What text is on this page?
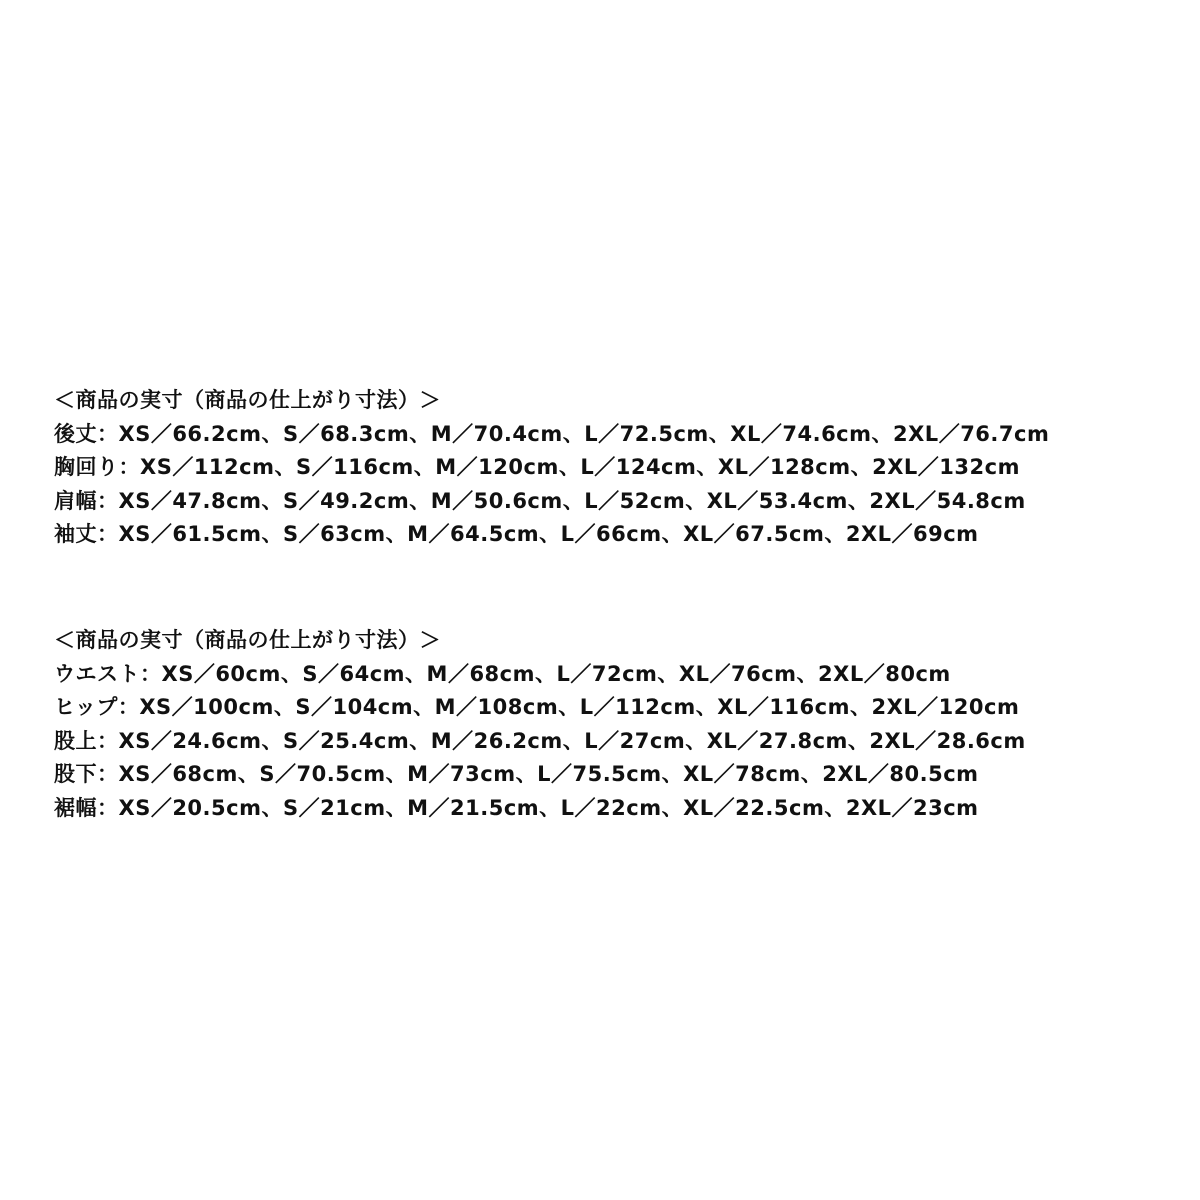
＜商品の実寸（商品の仕上がり寸法）＞
後丈：XS／66.2cm、S／68.3cm、M／70.4cm、L／72.5cm、XL／74.6cm、2XL／76.7cm
胸回り：XS／112cm、S／116cm、M／120cm、L／124cm、XL／128cm、2XL／132cm
肩幅：XS／47.8cm、S／49.2cm、M／50.6cm、L／52cm、XL／53.4cm、2XL／54.8cm
袖丈：XS／61.5cm、S／63cm、M／64.5cm、L／66cm、XL／67.5cm、2XL／69cm
＜商品の実寸（商品の仕上がり寸法）＞
ウエスト：XS／60cm、S／64cm、M／68cm、L／72cm、XL／76cm、2XL／80cm
ヒップ：XS／100cm、S／104cm、M／108cm、L／112cm、XL／116cm、2XL／120cm
股上：XS／24.6cm、S／25.4cm、M／26.2cm、L／27cm、XL／27.8cm、2XL／28.6cm
股下：XS／68cm、S／70.5cm、M／73cm、L／75.5cm、XL／78cm、2XL／80.5cm
裾幅：XS／20.5cm、S／21cm、M／21.5cm、L／22cm、XL／22.5cm、2XL／23cm
